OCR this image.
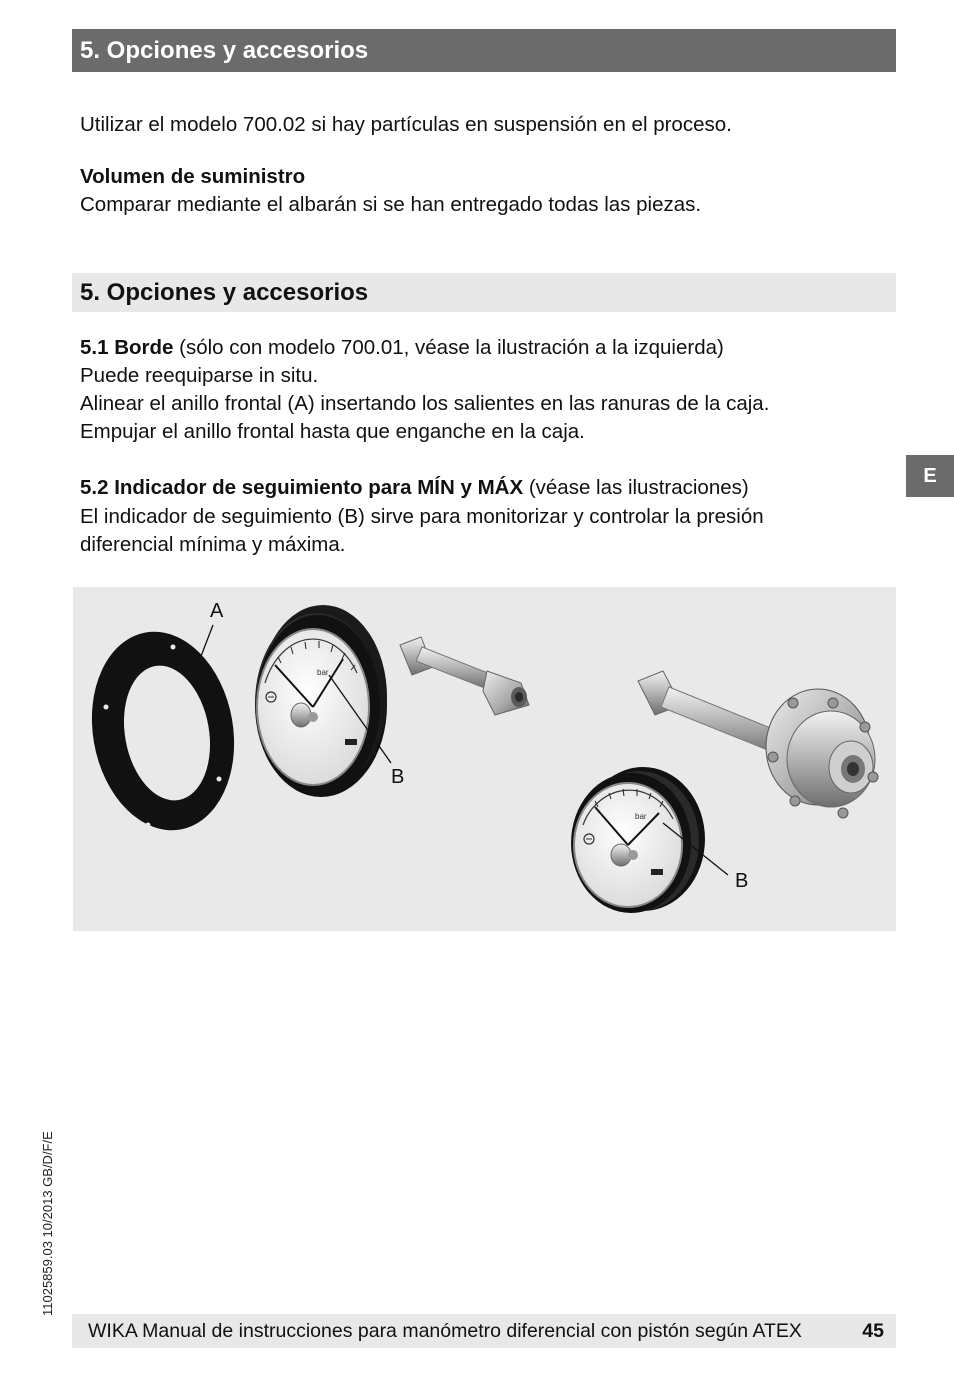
5. Opciones y accesorios
Utilizar el modelo 700.02 si hay partículas en suspensión en el proceso.
Volumen de suministro
Comparar mediante el albarán si se han entregado todas las piezas.
5. Opciones y accesorios
5.1 Borde (sólo con modelo 700.01, véase la ilustración a la izquierda)
Puede reequiparse in situ.
Alinear el anillo frontal (A) insertando los salientes en las ranuras de la caja.
Empujar el anillo frontal hasta que enganche en la caja.
5.2 Indicador de seguimiento para MÍN y MÁX (véase las ilustraciones)
El indicador de seguimiento (B) sirve para monitorizar y controlar la presión
diferencial mínima y máxima.
E
bar
bar
A
B
B
11025859.03 10/2013 GB/D/F/E
WIKA Manual de instrucciones para manómetro diferencial con pistón según ATEX	45
